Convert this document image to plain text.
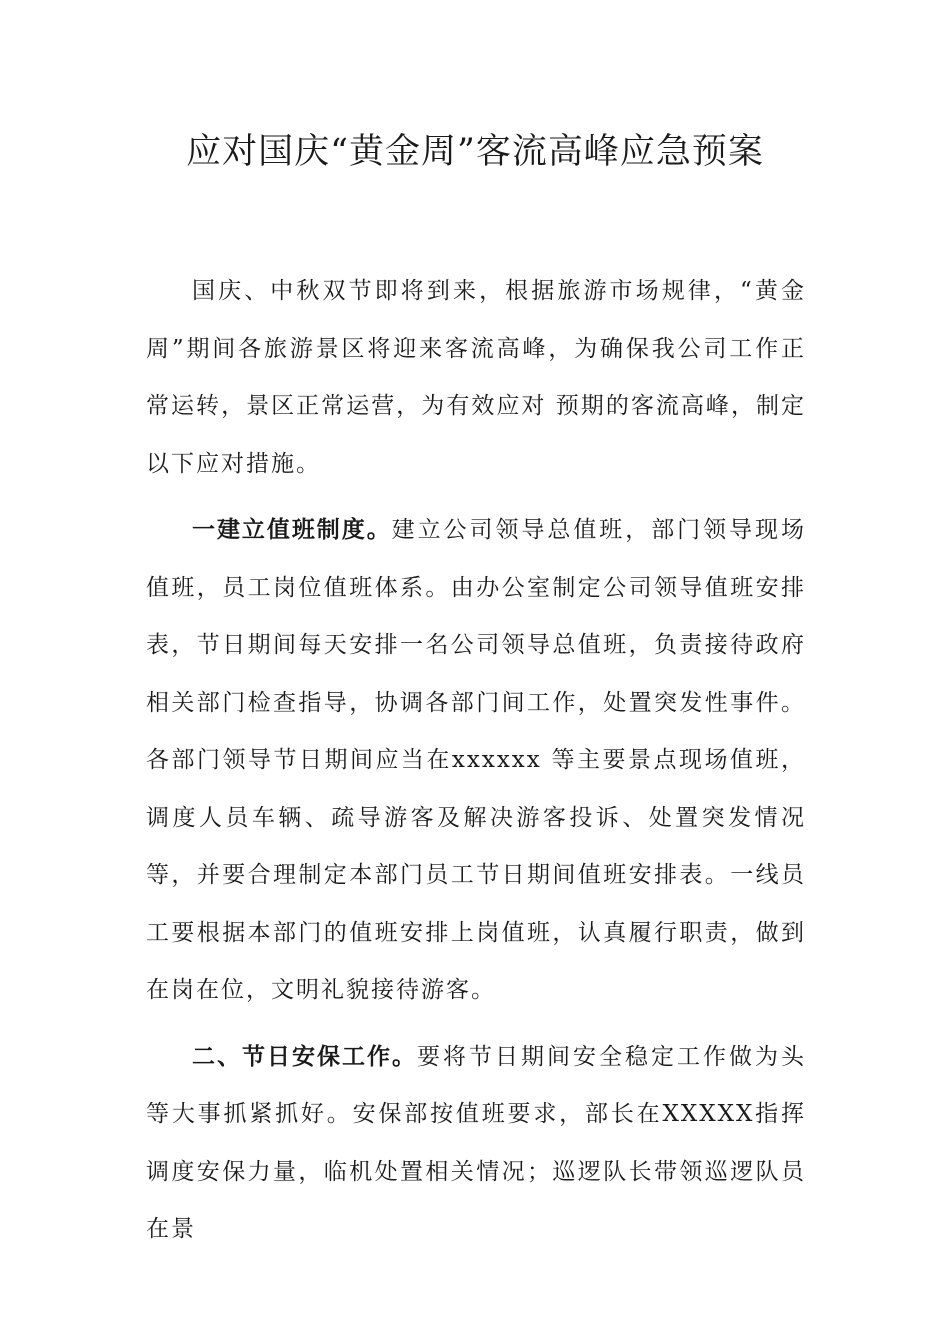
应对国庆“黄金周”客流高峰应急预案

国庆、中秋双节即将到来，根据旅游市场规律，“黄金周”期间各旅游景区将迎来客流高峰，为确保我公司工作正常运转，景区正常运营，为有效应对 预期的客流高峰，制定以下应对措施。

一建立值班制度。建立公司领导总值班，部门领导现场值班，员工岗位值班体系。由办公室制定公司领导值班安排表，节日期间每天安排一名公司领导总值班，负责接待政府相关部门检查指导，协调各部门间工作，处置突发性事件。各部门领导节日期间应当在xxxxxx 等主要景点现场值班，调度人员车辆、疏导游客及解决游客投诉、处置突发情况等，并要合理制定本部门员工节日期间值班安排表。一线员工要根据本部门的值班安排上岗值班，认真履行职责，做到在岗在位，文明礼貌接待游客。

二、节日安保工作。要将节日期间安全稳定工作做为头等大事抓紧抓好。安保部按值班要求，部长在XXXXX指挥调度安保力量，临机处置相关情况；巡逻队长带领巡逻队员在景
